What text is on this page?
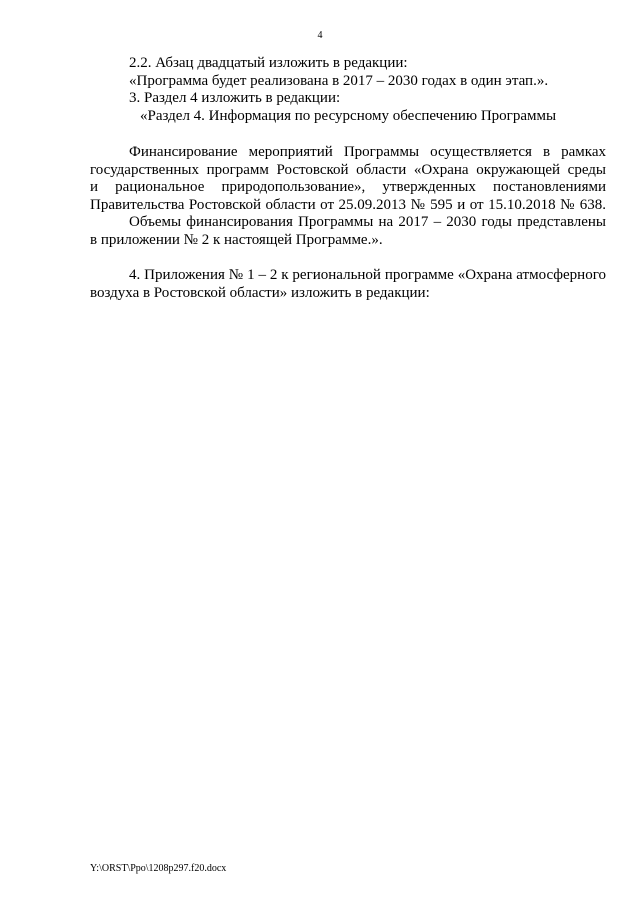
4

2.2. Абзац двадцатый изложить в редакции:

«Программа будет реализована в 2017 – 2030 годах в один этап.».

3. Раздел 4 изложить в редакции:

«Раздел 4. Информация по ресурсному обеспечению Программы

Финансирование мероприятий Программы осуществляется в рамках
государственных программ Ростовской области «Охрана окружающей среды
и рациональное природопользование», утвержденных постановлениями
Правительства Ростовской области от 25.09.2013 № 595 и от 15.10.2018 № 638.
Объемы финансирования Программы на 2017 – 2030 годы представлены
в приложении № 2 к настоящей Программе.».
4. Приложения № 1 – 2 к региональной программе «Охрана атмосферного
воздуха в Ростовской области» изложить в редакции:
Y:\ORST\Ppo\1208p297.f20.docx
